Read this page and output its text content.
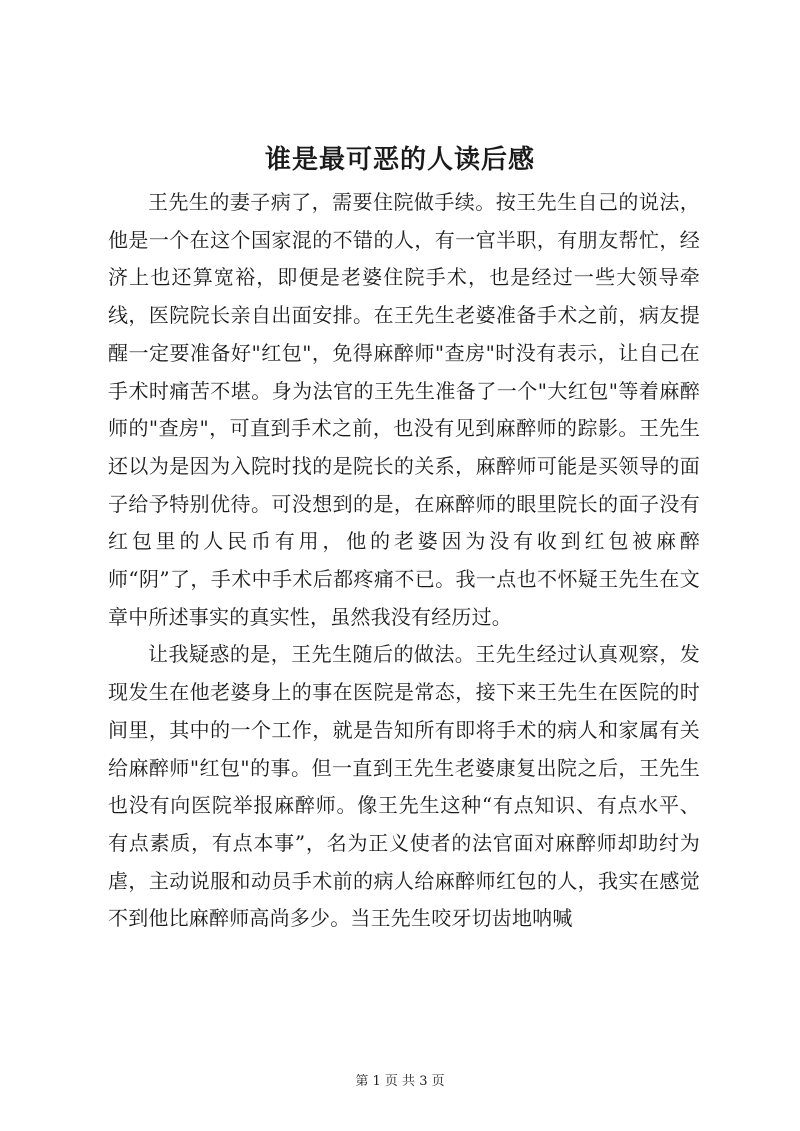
谁是最可恶的人读后感

王先生的妻子病了，需要住院做手续。按王先生自己的说法，他是一个在这个国家混的不错的人，有一官半职，有朋友帮忙，经济上也还算宽裕，即便是老婆住院手术，也是经过一些大领导牵线，医院院长亲自出面安排。在王先生老婆准备手术之前，病友提醒一定要准备好"红包"，免得麻醉师"查房"时没有表示，让自己在手术时痛苦不堪。身为法官的王先生准备了一个"大红包"等着麻醉师的"查房"，可直到手术之前，也没有见到麻醉师的踪影。王先生还以为是因为入院时找的是院长的关系，麻醉师可能是买领导的面子给予特别优待。可没想到的是，在麻醉师的眼里院长的面子没有红包里的人民币有用，他的老婆因为没有收到红包被麻醉师“阴”了，手术中手术后都疼痛不已。我一点也不怀疑王先生在文章中所述事实的真实性，虽然我没有经历过。

让我疑惑的是，王先生随后的做法。王先生经过认真观察，发现发生在他老婆身上的事在医院是常态，接下来王先生在医院的时间里，其中的一个工作，就是告知所有即将手术的病人和家属有关给麻醉师"红包"的事。但一直到王先生老婆康复出院之后，王先生也没有向医院举报麻醉师。像王先生这种“有点知识、有点水平、有点素质，有点本事”，名为正义使者的法官面对麻醉师却助纣为虐，主动说服和动员手术前的病人给麻醉师红包的人，我实在感觉不到他比麻醉师高尚多少。当王先生咬牙切齿地呐喊

第 1 页 共 3 页
